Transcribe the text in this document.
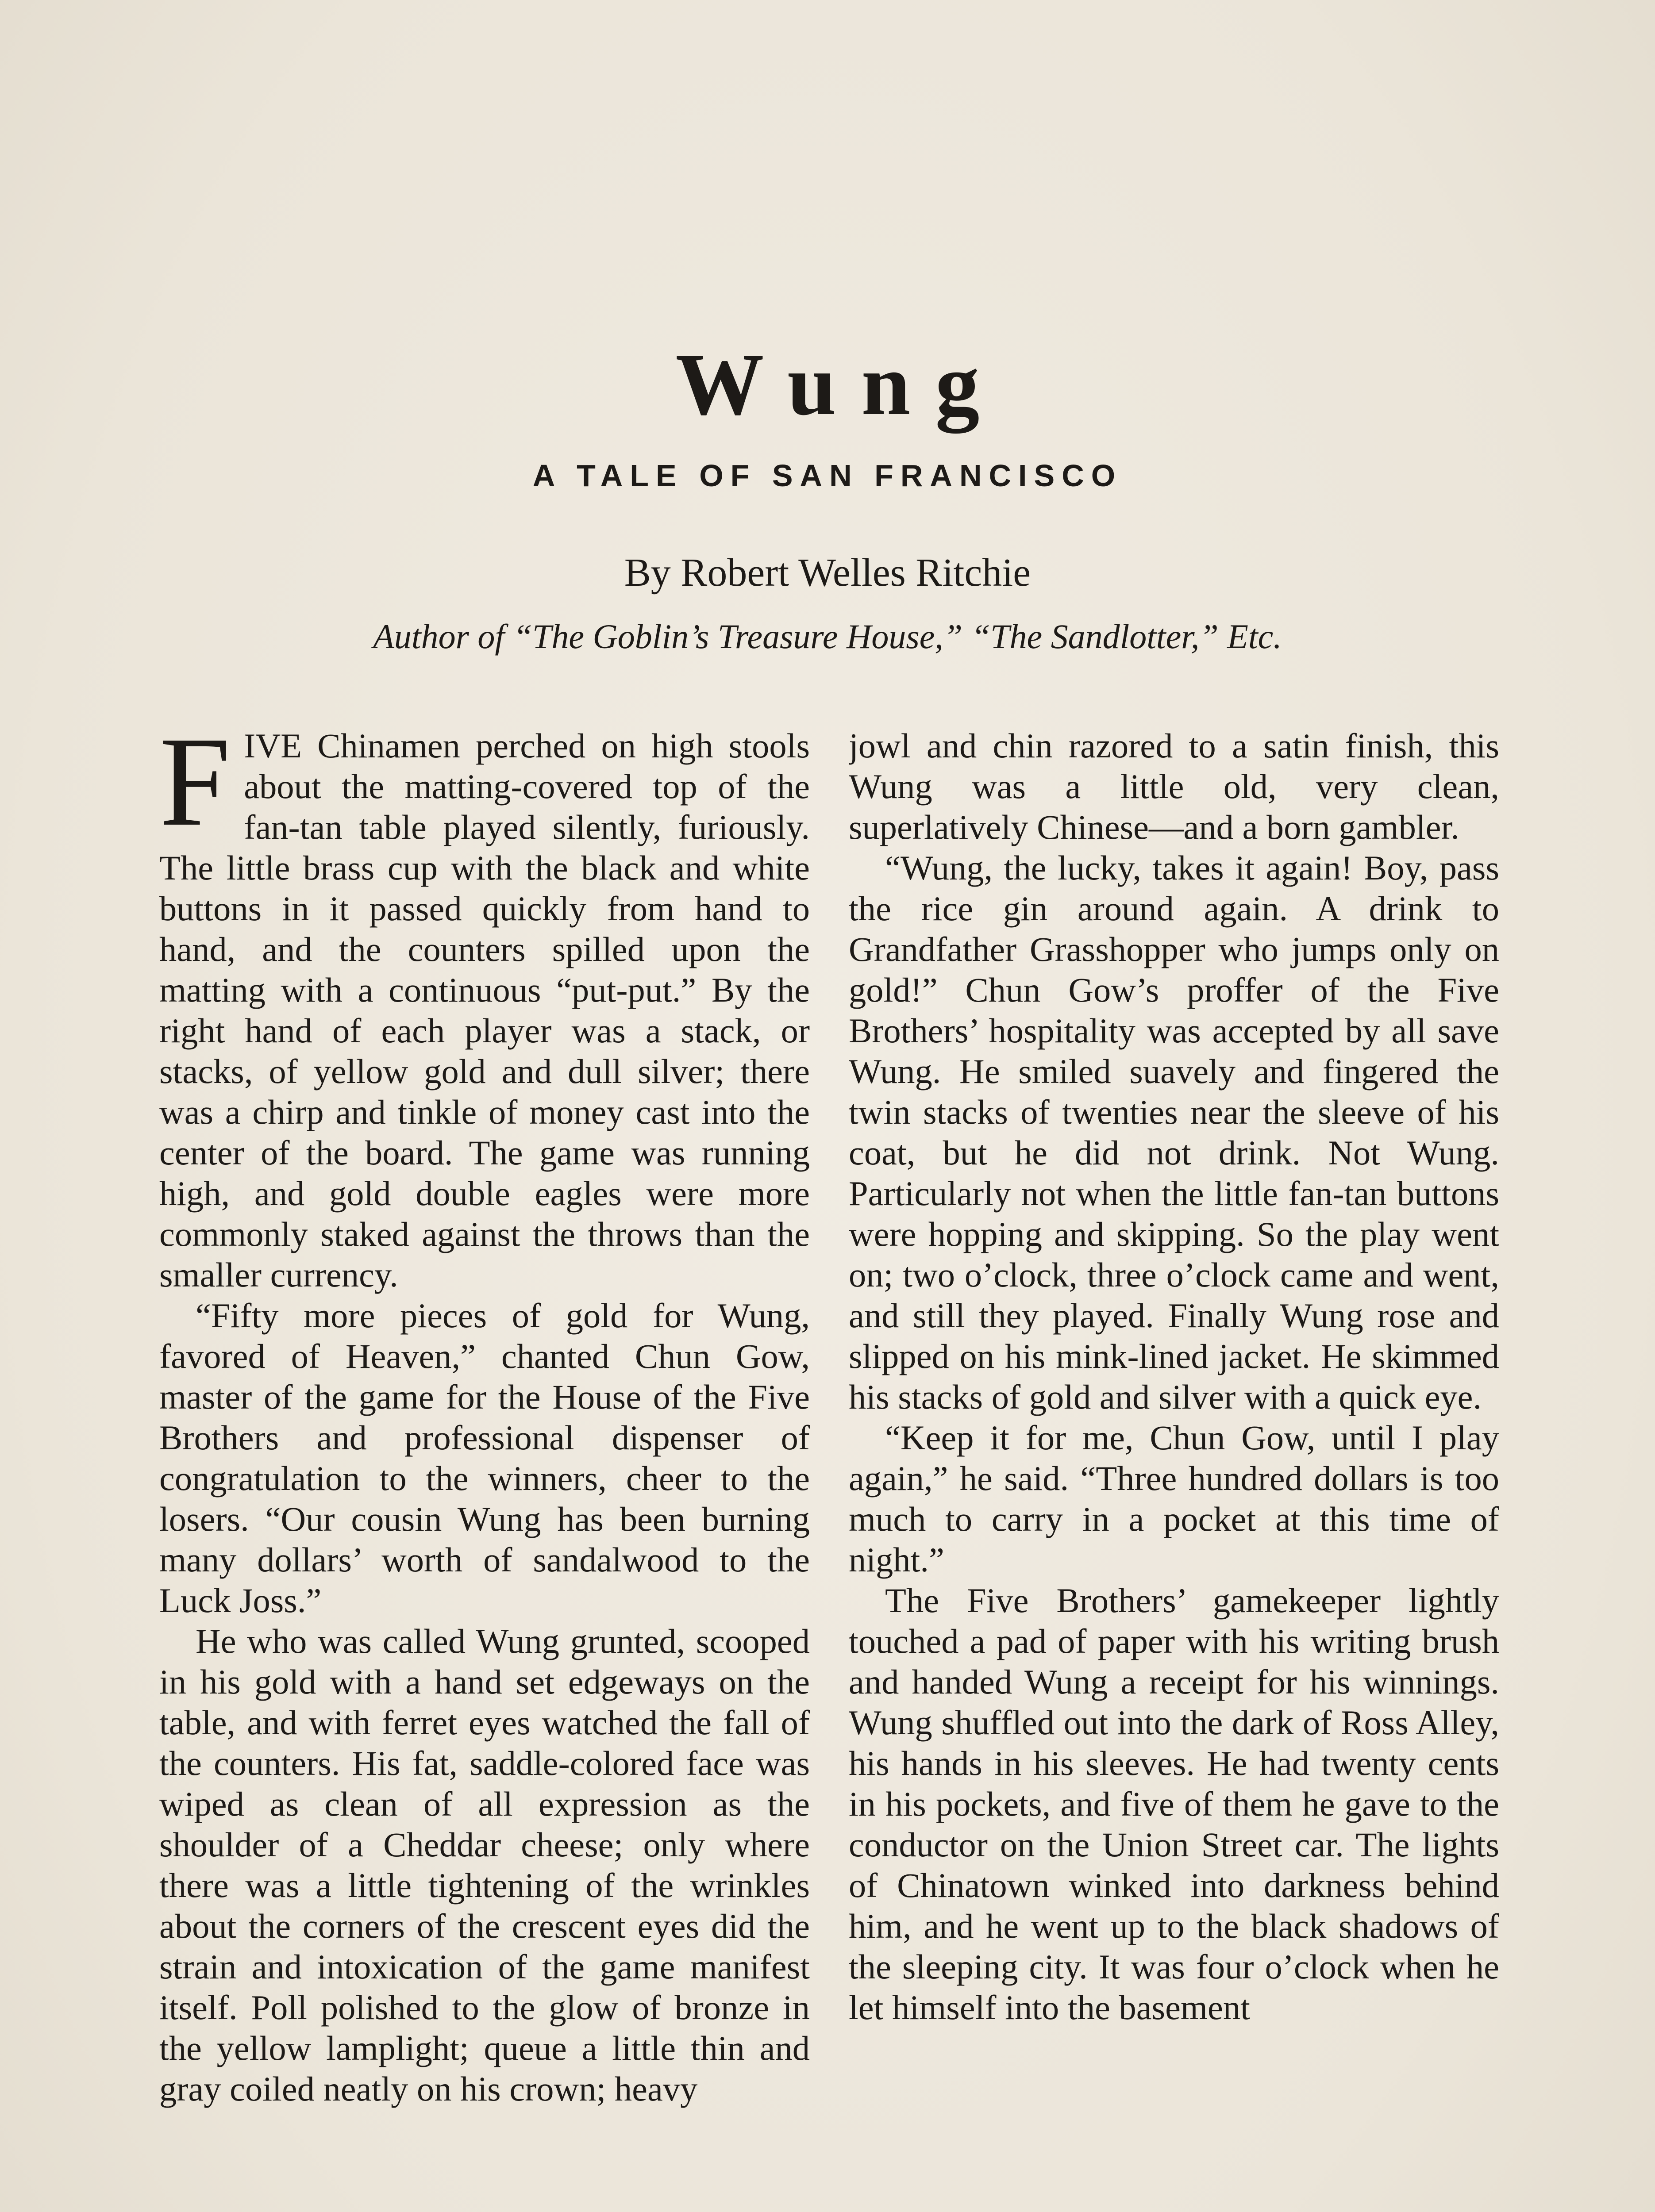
Wung
A TALE OF SAN FRANCISCO
By Robert Welles Ritchie
Author of “The Goblin’s Treasure House,” “The Sandlotter,” Etc.

FIVE Chinamen perched on high stools about the matting-covered top of the fan-tan table played silently, furiously. The little brass cup with the black and white buttons in it passed quickly from hand to hand, and the counters spilled upon the matting with a continuous “put-put.” By the right hand of each player was a stack, or stacks, of yellow gold and dull silver; there was a chirp and tinkle of money cast into the center of the board. The game was running high, and gold double eagles were more commonly staked against the throws than the smaller currency.

“Fifty more pieces of gold for Wung, favored of Heaven,” chanted Chun Gow, master of the game for the House of the Five Brothers and professional dispenser of congratulation to the winners, cheer to the losers. “Our cousin Wung has been burning many dollars’ worth of sandalwood to the Luck Joss.”

He who was called Wung grunted, scooped in his gold with a hand set edgeways on the table, and with ferret eyes watched the fall of the counters. His fat, saddle-colored face was wiped as clean of all expression as the shoulder of a Cheddar cheese; only where there was a little tightening of the wrinkles about the corners of the crescent eyes did the strain and intoxication of the game manifest itself. Poll polished to the glow of bronze in the yellow lamplight; queue a little thin and gray coiled neatly on his crown; heavy

jowl and chin razored to a satin finish, this Wung was a little old, very clean, superlatively Chinese—and a born gambler.

“Wung, the lucky, takes it again! Boy, pass the rice gin around again. A drink to Grandfather Grasshopper who jumps only on gold!” Chun Gow’s proffer of the Five Brothers’ hospitality was accepted by all save Wung. He smiled suavely and fingered the twin stacks of twenties near the sleeve of his coat, but he did not drink. Not Wung. Particularly not when the little fan-tan buttons were hopping and skipping. So the play went on; two o’clock, three o’clock came and went, and still they played. Finally Wung rose and slipped on his mink-lined jacket. He skimmed his stacks of gold and silver with a quick eye.

“Keep it for me, Chun Gow, until I play again,” he said. “Three hundred dollars is too much to carry in a pocket at this time of night.”

The Five Brothers’ gamekeeper lightly touched a pad of paper with his writing brush and handed Wung a receipt for his winnings. Wung shuffled out into the dark of Ross Alley, his hands in his sleeves. He had twenty cents in his pockets, and five of them he gave to the conductor on the Union Street car. The lights of Chinatown winked into darkness behind him, and he went up to the black shadows of the sleeping city. It was four o’clock when he let himself into the basement
